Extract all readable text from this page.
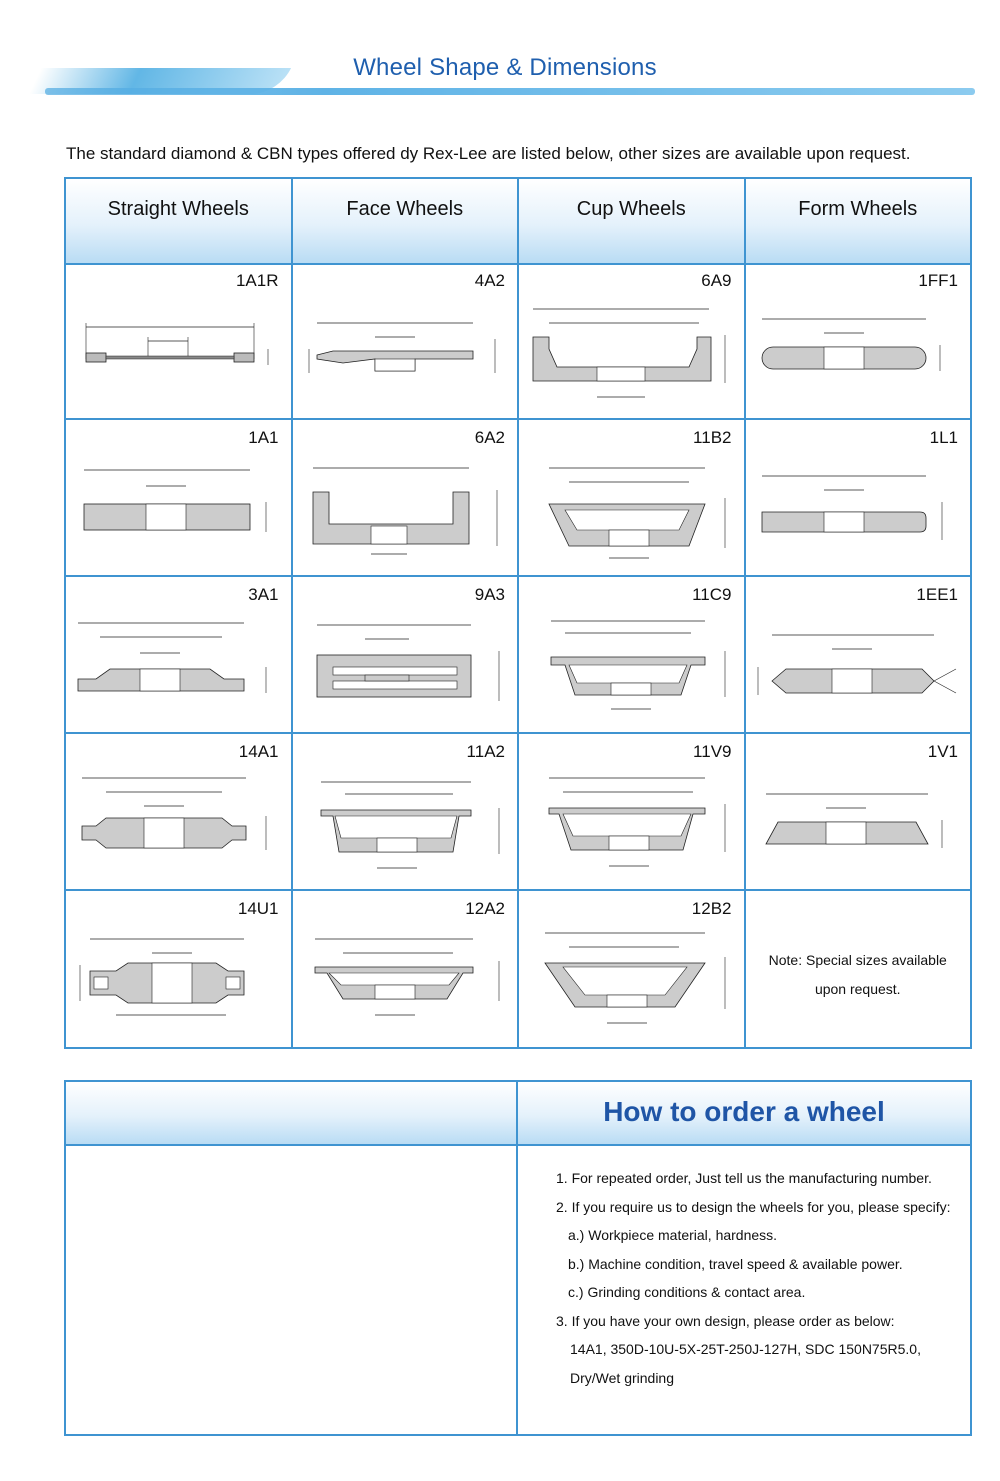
Wheel Shape & Dimensions
The standard diamond & CBN types offered dy Rex-Lee are listed below, other sizes are available upon request.
Straight Wheels	Face Wheels	Cup Wheels	Form Wheels
1A1R	4A2	6A9	1FF1
1A1	6A2	11B2	1L1
3A1	9A3	11C9	1EE1
14A1	11A2	11V9	1V1
14U1	12A2	12B2
Note: Special sizes available
upon request.
How to order a wheel
1. For repeated order, Just tell us the manufacturing number.
2. If you require us to design the wheels for you, please specify:
a.) Workpiece material, hardness.
b.) Machine condition, travel speed & available power.
c.) Grinding conditions & contact area.
3. If you have your own design, please order as below:
14A1, 350D-10U-5X-25T-250J-127H, SDC 150N75R5.0,
Dry/Wet grinding
